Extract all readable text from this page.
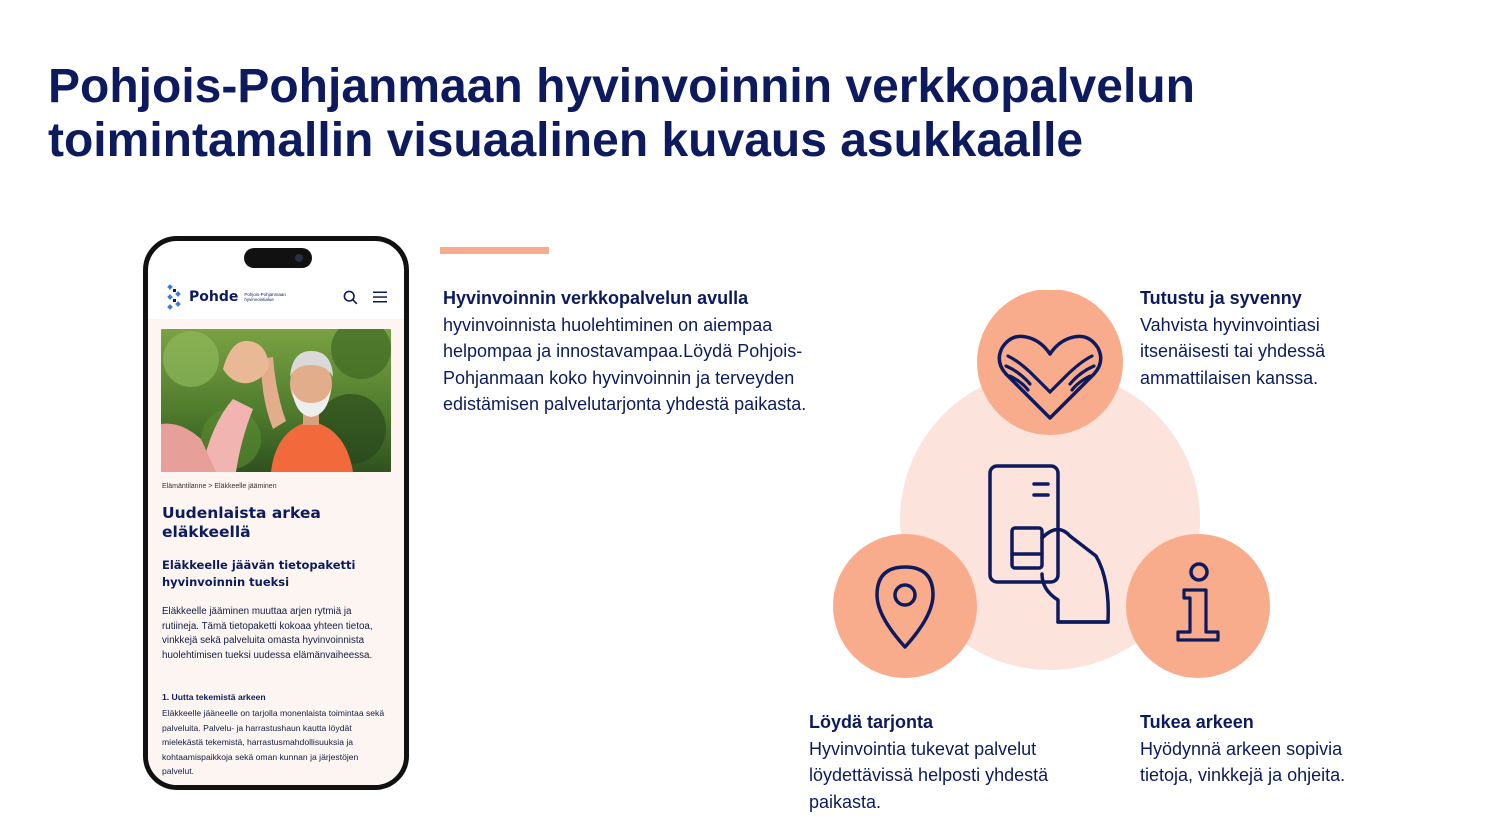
Pohjois-Pohjanmaan hyvinvoinnin verkkopalvelun
toimintamallin visuaalinen kuvaus asukkaalle
Pohde Pohjois-Pohjanmaan hyvinvointialue
Elämäntilanne > Eläkkeelle jääminen
Uudenlaista arkea eläkkeellä
Eläkkeelle jäävän tietopaketti hyvinvoinnin tueksi

Eläkkeelle jääminen muuttaa arjen rytmiä ja rutiineja. Tämä tietopaketti kokoaa yhteen tietoa, vinkkejä sekä palveluita omasta hyvinvoinnista huolehtimisen tueksi uudessa elämänvaiheessa.

1. Uutta tekemistä arkeen

Eläkkeelle jääneelle on tarjolla monenlaista toimintaa sekä palveluita. Palvelu- ja harrastushaun kautta löydät mielekästä tekemistä, harrastusmahdollisuuksia ja kohtaamispaikkoja sekä oman kunnan ja järjestöjen palvelut.

Hyvinvoinnin verkkopalvelun avulla
hyvinvoinnista huolehtiminen on aiempaa helpompaa ja innostavampaa.Löydä Pohjois-Pohjanmaan koko hyvinvoinnin ja terveyden edistämisen palvelutarjonta yhdestä paikasta.
Tutustu ja syvenny
Vahvista hyvinvointiasi itsenäisesti tai yhdessä ammattilaisen kanssa.
Löydä tarjonta
Hyvinvointia tukevat palvelut löydettävissä helposti yhdestä paikasta.
Tukea arkeen
Hyödynnä arkeen sopivia tietoja, vinkkejä ja ohjeita.
